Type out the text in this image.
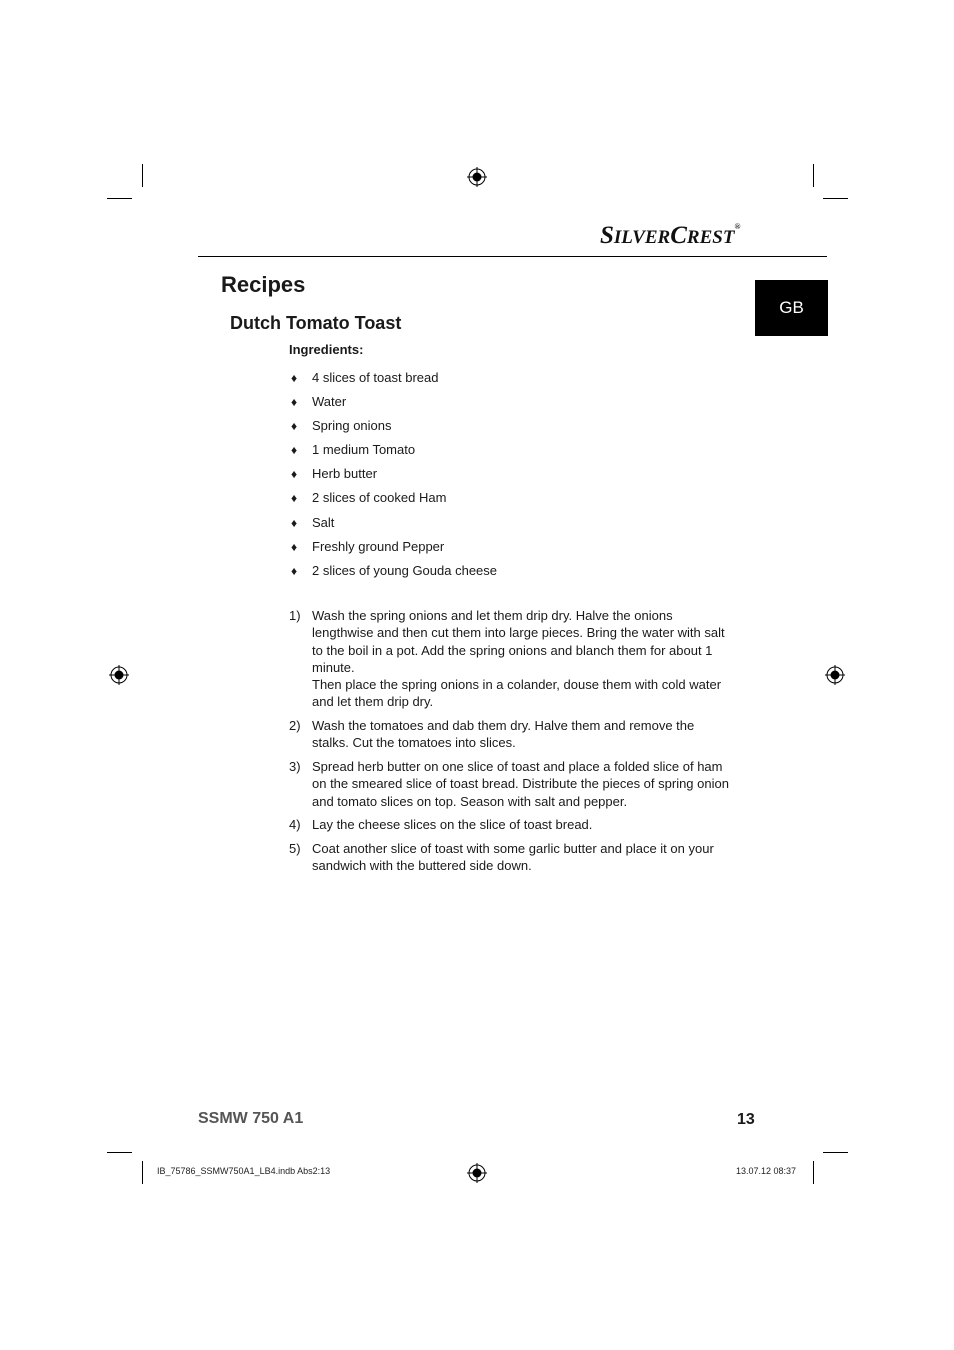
SILVERCREST®
GB
Recipes
Dutch Tomato Toast
Ingredients:
♦	4 slices of toast bread
♦	Water
♦	Spring onions
♦	1 medium Tomato
♦	Herb butter
♦	2 slices of cooked Ham
♦	Salt
♦	Freshly ground Pepper
♦	2 slices of young Gouda cheese
1) Wash the spring onions and let them drip dry. Halve the onions lengthwise and then cut them into large pieces. Bring the water with salt to the boil in a pot. Add the spring onions and blanch them for about 1 minute.
Then place the spring onions in a colander, douse them with cold water and let them drip dry.
2) Wash the tomatoes and dab them dry. Halve them and remove the stalks. Cut the tomatoes into slices.
3) Spread herb butter on one slice of toast and place a folded slice of ham on the smeared slice of toast bread. Distribute the pieces of spring onion and tomato slices on top. Season with salt and pepper.
4) Lay the cheese slices on the slice of toast bread.
5) Coat another slice of toast with some garlic butter and place it on your sandwich with the buttered side down.
SSMW 750 A1	13
IB_75786_SSMW750A1_LB4.indb Abs2:13	13.07.12 08:37
